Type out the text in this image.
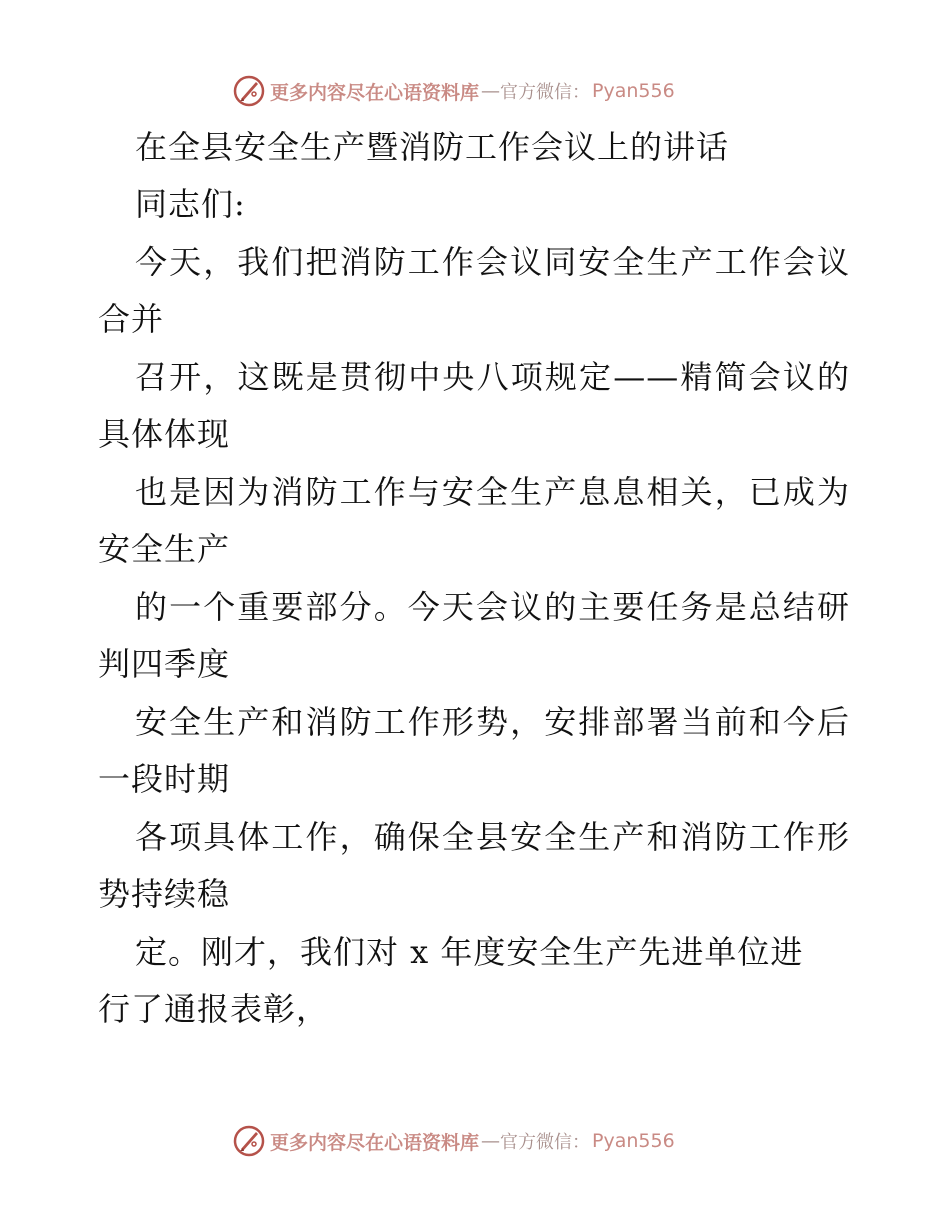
更多内容尽在心语资料库 — 官方微信： Pyan556

在全县安全生产暨消防工作会议上的讲话

同志们:

今天，我们把消防工作会议同安全生产工作会议

合并

召开，这既是贯彻中央八项规定——精简会议的

具体体现

也是因为消防工作与安全生产息息相关，已成为

安全生产

的一个重要部分。今天会议的主要任务是总结研

判四季度

安全生产和消防工作形势，安排部署当前和今后

一段时期

各项具体工作，确保全县安全生产和消防工作形

势持续稳

定。刚才，我们对 x 年度安全生产先进单位进

行了通报表彰，

更多内容尽在心语资料库 — 官方微信： Pyan556
